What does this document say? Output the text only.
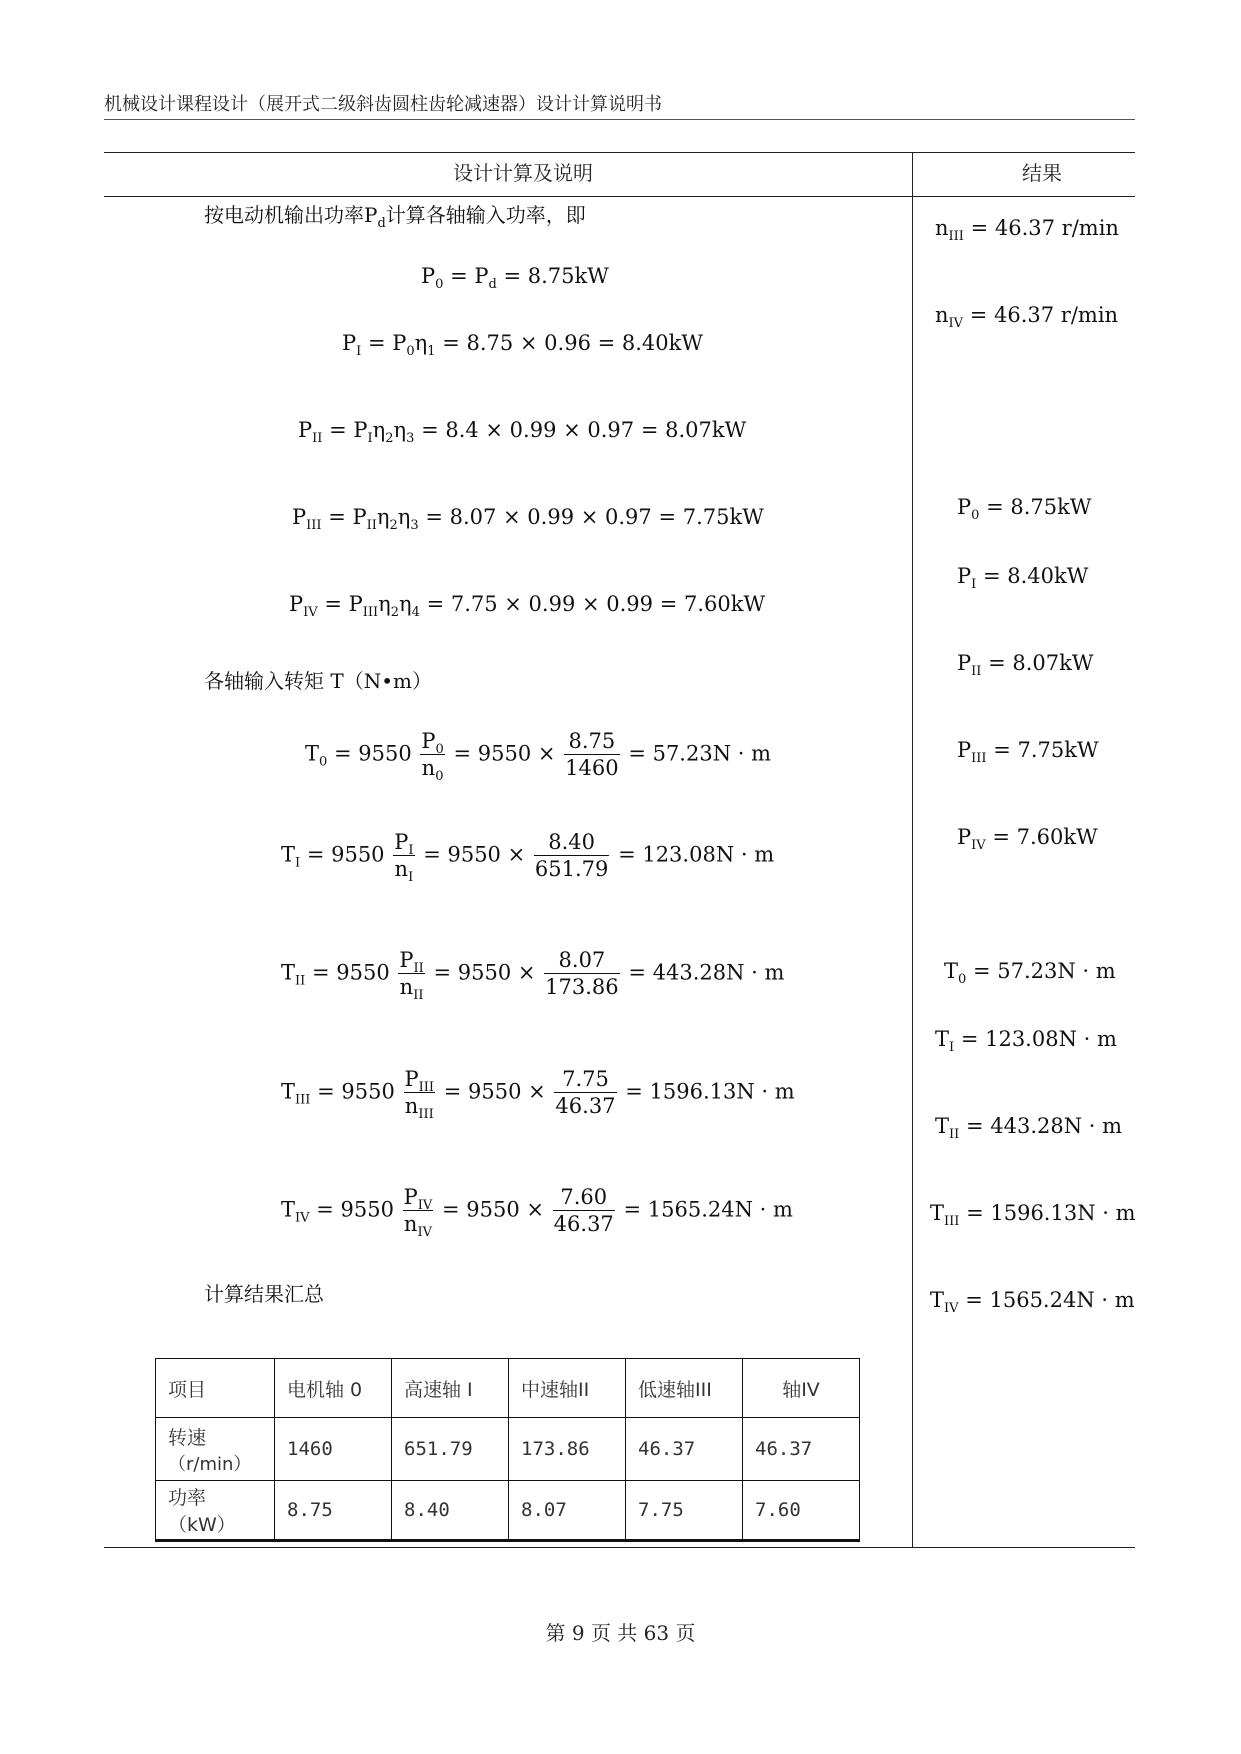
机械设计课程设计（展开式二级斜齿圆柱齿轮减速器）设计计算说明书
设计计算及说明	结果
按电动机输出功率$P_d$计算各轴输入功率，即
$P_0 = P_d = 8.75kW$
$P_I = P_0\eta_1 = 8.75 \times 0.96 = 8.40kW$
$P_{II} = P_I\eta_2\eta_3 = 8.4 \times 0.99 \times 0.97 = 8.07kW$
$P_{III} = P_{II}\eta_2\eta_3 = 8.07 \times 0.99 \times 0.97 = 7.75kW$
$P_{IV} = P_{III}\eta_2\eta_4 = 7.75 \times 0.99 \times 0.99 = 7.60kW$
各轴输入转矩 T（N•m）
$T_0 = 9550 \frac{P_0}{n_0} = 9550 \times \frac{8.75}{1460} = 57.23N \cdot m$
$T_I = 9550 \frac{P_I}{n_I} = 9550 \times \frac{8.40}{651.79} = 123.08N \cdot m$
$T_{II} = 9550 \frac{P_{II}}{n_{II}} = 9550 \times \frac{8.07}{173.86} = 443.28N \cdot m$
$T_{III} = 9550 \frac{P_{III}}{n_{III}} = 9550 \times \frac{7.75}{46.37} = 1596.13N \cdot m$
$T_{IV} = 9550 \frac{P_{IV}}{n_{IV}} = 9550 \times \frac{7.60}{46.37} = 1565.24N \cdot m$
计算结果汇总
项目	电机轴 0	高速轴 I	中速轴II	低速轴III	轴IV

转速
（r/min）	1460	651.79	173.86	46.37	46.37
功率（kW）	8.75	8.40	8.07	7.75	7.60
$n_{III} = 46.37$ r/min
$n_{IV} = 46.37$ r/min
$P_0 = 8.75kW$
$P_I = 8.40kW$
$P_{II} = 8.07kW$
$P_{III} = 7.75kW$
$P_{IV} = 7.60kW$
$T_0 = 57.23N \cdot m$
$T_I = 123.08N \cdot m$
$T_{II} = 443.28N \cdot m$
$T_{III} = 1596.13N \cdot m$
$T_{IV} = 1565.24N \cdot m$
第 9 页 共 63 页
